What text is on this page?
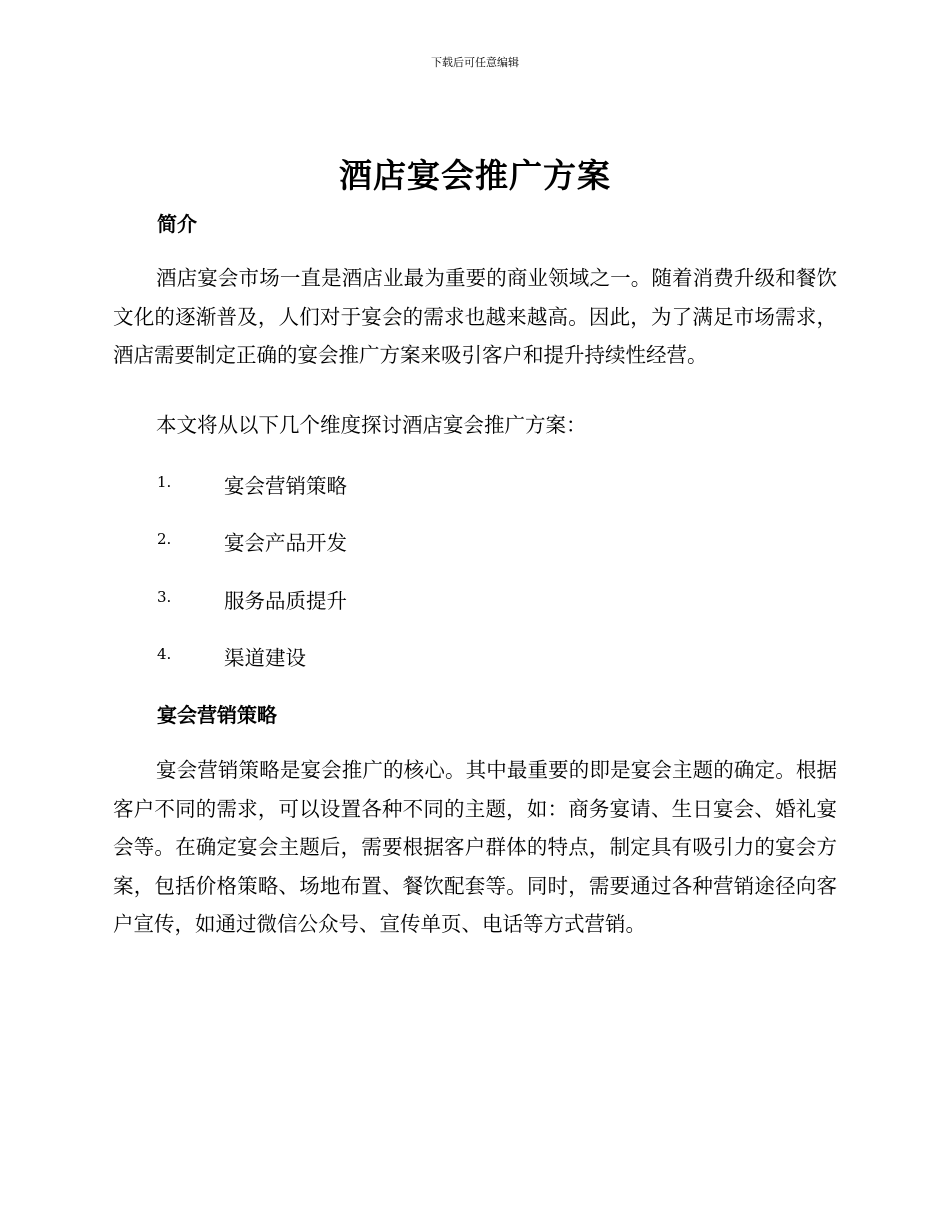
下载后可任意编辑
酒店宴会推广方案
简介

酒店宴会市场一直是酒店业最为重要的商业领域之一。随着消费升级和餐饮文化的逐渐普及，人们对于宴会的需求也越来越高。因此，为了满足市场需求，酒店需要制定正确的宴会推广方案来吸引客户和提升持续性经营。

本文将从以下几个维度探讨酒店宴会推广方案：

1.	宴会营销策略
2.	宴会产品开发
3.	服务品质提升
4.	渠道建设
宴会营销策略

宴会营销策略是宴会推广的核心。其中最重要的即是宴会主题的确定。根据客户不同的需求，可以设置各种不同的主题，如：商务宴请、生日宴会、婚礼宴会等。在确定宴会主题后，需要根据客户群体的特点，制定具有吸引力的宴会方案，包括价格策略、场地布置、餐饮配套等。同时，需要通过各种营销途径向客户宣传，如通过微信公众号、宣传单页、电话等方式营销。
